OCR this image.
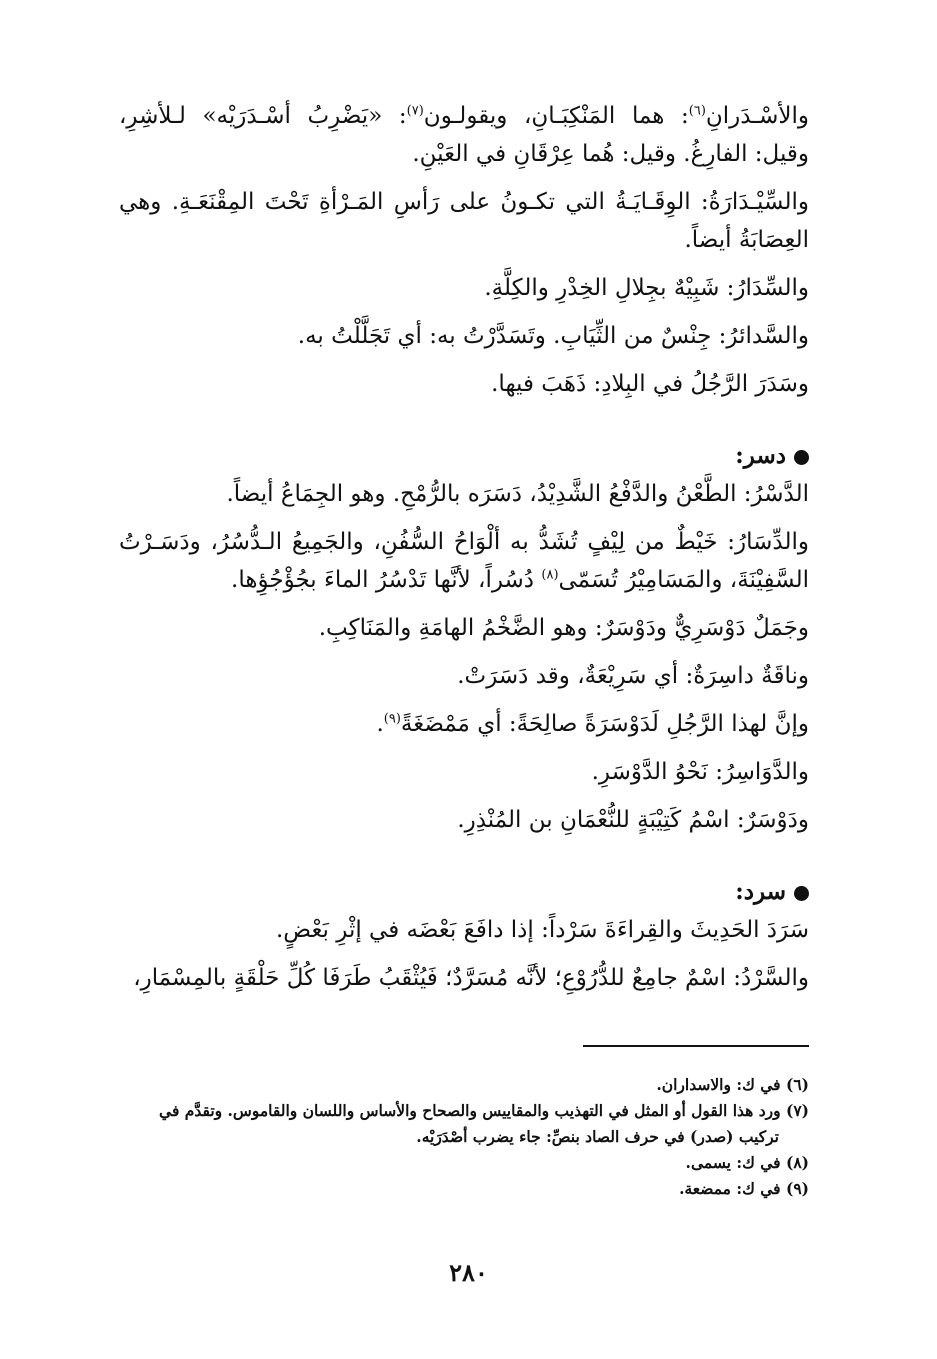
والأسْـدَرانِ$^{(٦)}$: هما المَنْكِبَـانِ، ويقولـون$^{(٧)}$: «يَضْرِبُ أسْـدَرَيْه» لـلأشِرِ، وقيل: الفارِغُ. وقيل: هُما عِرْقَانِ في العَيْنِ.

والسِّيْـدَارَةُ: الوِقَـايَـةُ التي تكـونُ على رَأسِ المَـرْأةِ تَحْتَ المِقْنَعَـةِ. وهي العِصَابَةُ أيضاً.

والسِّدَارُ: شَبِيْهٌ بجِلالِ الخِدْرِ والكِلَّةِ.

والسَّدائرُ: جِنْسٌ من الثِّيَابِ. وتَسَدَّرْتُ به: أي تَجَلَّلْتُ به.

وسَدَرَ الرَّجُلُ في البِلادِ: ذَهَبَ فيها.

دسر:

الدَّسْرُ: الطَّعْنُ والدَّفْعُ الشَّدِيْدُ، دَسَرَه بالرُّمْحِ. وهو الجِمَاعُ أيضاً.

والدِّسَارُ: خَيْطٌ من لِيْفٍ تُشَدُّ به ألْوَاحُ السُّفُنِ، والجَمِيعُ الـدُّسُرُ، ودَسَـرْتُ السَّفِيْنَةَ، والمَسَامِيْرُ تُسَمّى$^{(٨)}$ دُسُراً، لأنَّها تَدْسُرُ الماءَ بجُؤْجُؤِها.

وجَمَلٌ دَوْسَرِيٌّ ودَوْسَرٌ: وهو الضَّخْمُ الهامَةِ والمَنَاكِبِ.

وناقَةٌ داسِرَةٌ: أي سَرِيْعَةٌ، وقد دَسَرَتْ.

وإنَّ لهذا الرَّجُلِ لَدَوْسَرَةً صالِحَةً: أي مَمْضَغَةً$^{(٩)}$.

والدَّوَاسِرُ: نَحْوُ الدَّوْسَرِ.

ودَوْسَرٌ: اسْمُ كَتِيْبَةٍ للنُّعْمَانِ بن المُنْذِرِ.

سرد:

سَرَدَ الحَدِيثَ والقِراءَةَ سَرْداً: إذا دافَعَ بَعْضَه في إثْرِ بَعْضٍ.

والسَّرْدُ: اسْمٌ جامِعٌ للدُّرُوْعِ؛ لأنَّه مُسَرَّدٌ؛ فَيُثْقَبُ طَرَفَا كُلِّ حَلْقَةٍ بالمِسْمَارِ،

(٦) في ك: والاسداران.

(٧) ورد هذا القول أو المثل في التهذيب والمقاييس والصحاح والأساس واللسان والقاموس. وتقدَّم في

تركيب (صدر) في حرف الصاد بنصِّ: جاء يضرب أصْدَرَيْه.

(٨) في ك: يسمى.

(٩) في ك: ممضعة.

٢٨٠
